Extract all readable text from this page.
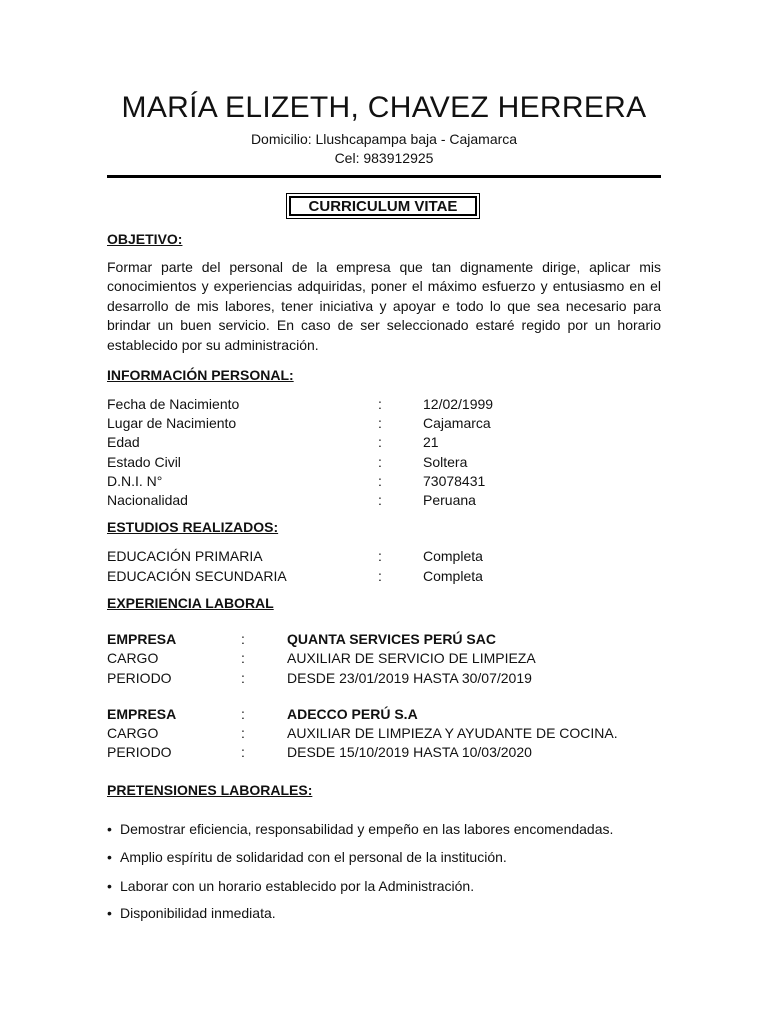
MARÍA ELIZETH, CHAVEZ HERRERA
Domicilio: Llushcapampa baja - Cajamarca
Cel: 983912925
CURRICULUM VITAE
OBJETIVO:

Formar parte del personal de la empresa que tan dignamente dirige, aplicar mis conocimientos y experiencias adquiridas, poner el máximo esfuerzo y entusiasmo en el desarrollo de mis labores, tener iniciativa y apoyar e todo lo que sea necesario para brindar un buen servicio. En caso de ser seleccionado estaré regido por un horario establecido por su administración.

INFORMACIÓN PERSONAL:
Fecha de Nacimiento	:	12/02/1999
Lugar de Nacimiento	:	Cajamarca
Edad	:	21
Estado Civil	:	Soltera
D.N.I. N°	:	73078431
Nacionalidad	:	Peruana
ESTUDIOS REALIZADOS:
EDUCACIÓN PRIMARIA	:	Completa
EDUCACIÓN SECUNDARIA	:	Completa
EXPERIENCIA LABORAL
EMPRESA	:	QUANTA SERVICES PERÚ SAC
CARGO	:	AUXILIAR DE SERVICIO DE LIMPIEZA
PERIODO	:	DESDE 23/01/2019 HASTA 30/07/2019
EMPRESA	:	ADECCO PERÚ S.A
CARGO	:	AUXILIAR DE LIMPIEZA Y AYUDANTE DE COCINA.
PERIODO	:	DESDE 15/10/2019 HASTA 10/03/2020
PRETENSIONES LABORALES:
• Demostrar eficiencia, responsabilidad y empeño en las labores encomendadas.
• Amplio espíritu de solidaridad con el personal de la institución.
• Laborar con un horario establecido por la Administración.
• Disponibilidad inmediata.
